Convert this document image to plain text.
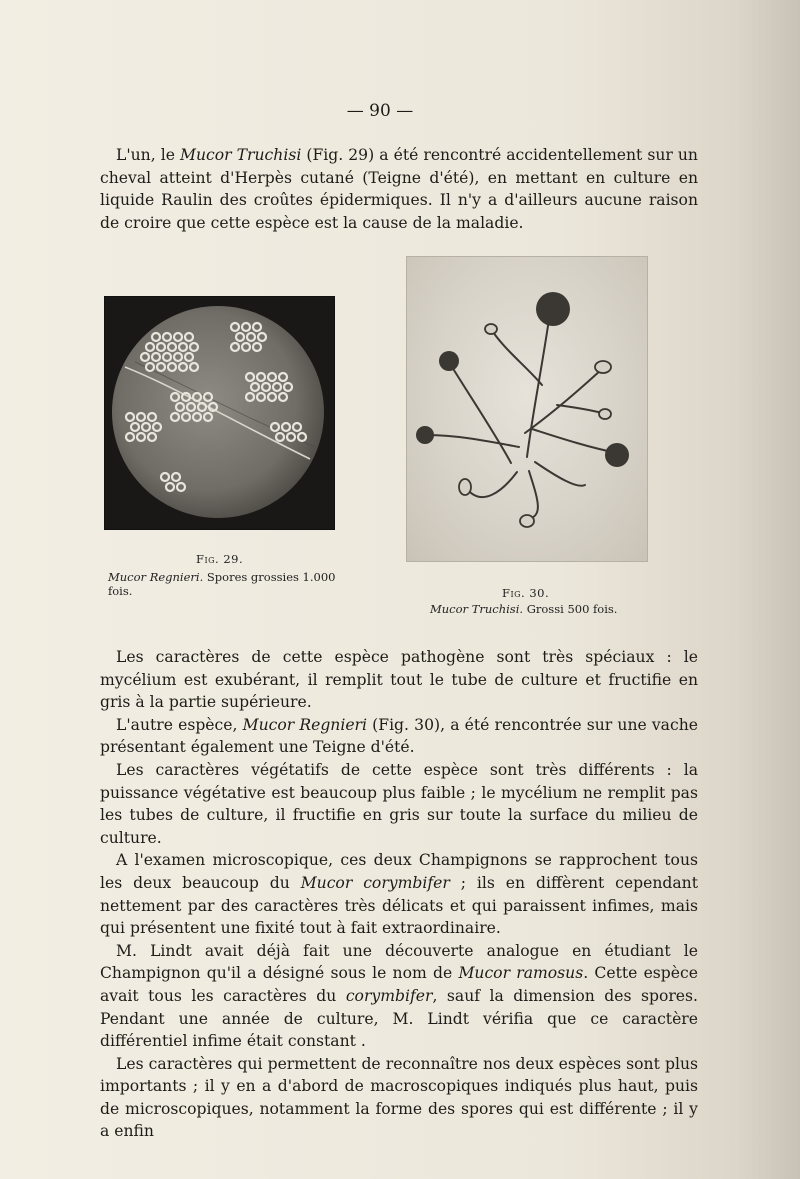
— 90 —
L'un, le Mucor Truchisi (Fig. 29) a été rencontré accidentellement sur un cheval atteint d'Herpès cutané (Teigne d'été), en mettant en culture en liquide Raulin des croûtes épidermiques. Il n'y a d'ailleurs aucune raison de croire que cette espèce est la cause de la maladie.
Fig. 29.
Mucor Regnieri. Spores grossies 1.000 fois.	Fig. 30.
Mucor Truchisi. Grossi 500 fois.
Les caractères de cette espèce pathogène sont très spéciaux : le mycélium est exubérant, il remplit tout le tube de culture et fructifie en gris à la partie supérieure.
L'autre espèce, Mucor Regnieri (Fig. 30), a été rencontrée sur une vache présentant également une Teigne d'été.
Les caractères végétatifs de cette espèce sont très différents : la puissance végétative est beaucoup plus faible ; le mycélium ne remplit pas les tubes de culture, il fructifie en gris sur toute la surface du milieu de culture.
A l'examen microscopique, ces deux Champignons se rapprochent tous les deux beaucoup du Mucor corymbifer ; ils en diffèrent cependant nettement par des caractères très délicats et qui paraissent infimes, mais qui présentent une fixité tout à fait extraordinaire.
M. Lindt avait déjà fait une découverte analogue en étudiant le Champignon qu'il a désigné sous le nom de Mucor ramosus. Cette espèce avait tous les caractères du corymbifer, sauf la dimension des spores. Pendant une année de culture, M. Lindt vérifia que ce caractère différentiel infime était constant .
Les caractères qui permettent de reconnaître nos deux espèces sont plus importants ; il y en a d'abord de macroscopiques indiqués plus haut, puis de microscopiques, notamment la forme des spores qui est différente ; il y a enfin
